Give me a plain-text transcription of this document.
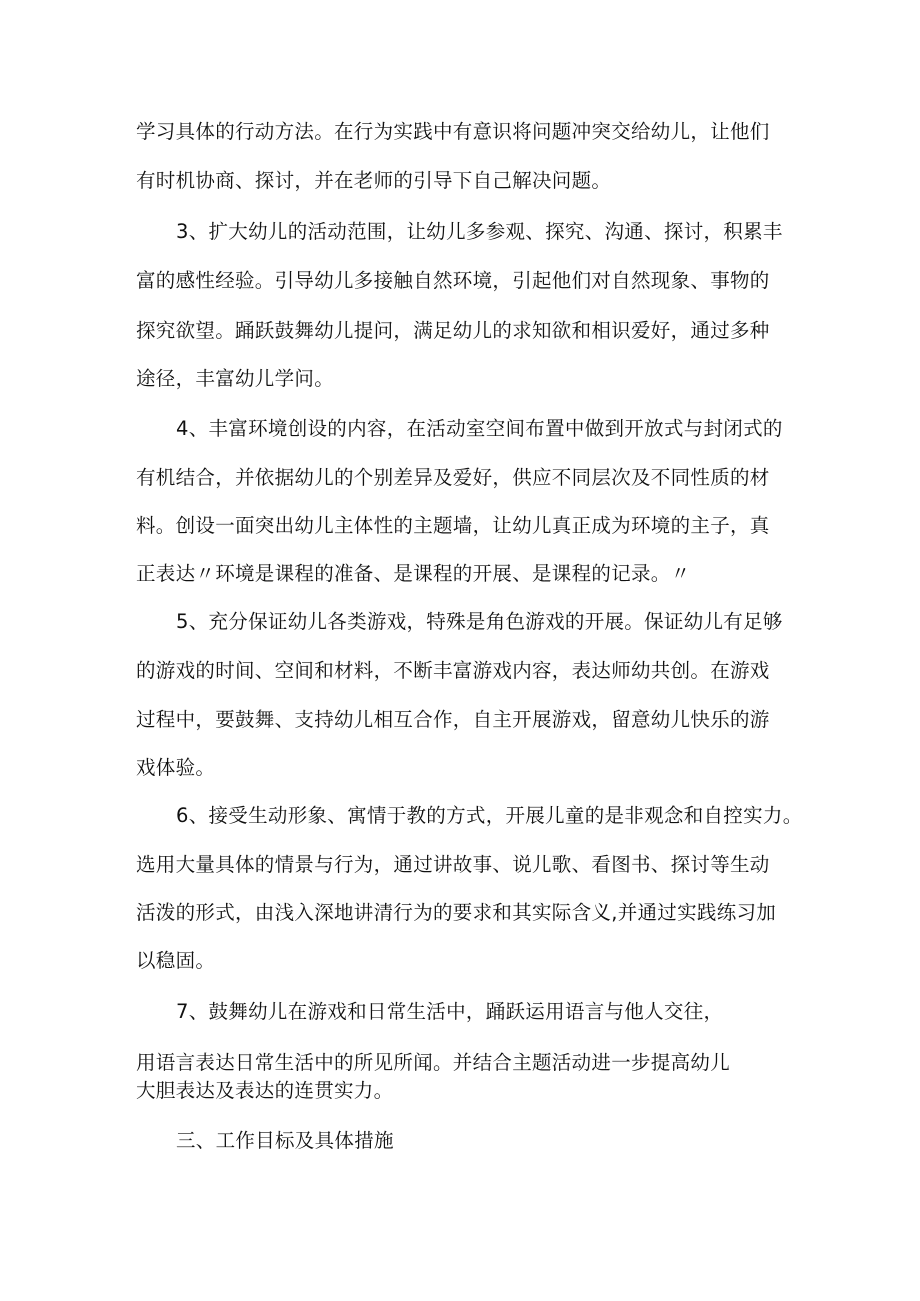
学习具体的行动方法。在行为实践中有意识将问题冲突交给幼儿，让他们
有时机协商、探讨，并在老师的引导下自己解决问题。
3、扩大幼儿的活动范围，让幼儿多参观、探究、沟通、探讨，积累丰
富的感性经验。引导幼儿多接触自然环境，引起他们对自然现象、事物的
探究欲望。踊跃鼓舞幼儿提问，满足幼儿的求知欲和相识爱好，通过多种
途径，丰富幼儿学问。
4、丰富环境创设的内容，在活动室空间布置中做到开放式与封闭式的
有机结合，并依据幼儿的个别差异及爱好，供应不同层次及不同性质的材
料。创设一面突出幼儿主体性的主题墙，让幼儿真正成为环境的主子，真
正表达〃环境是课程的准备、是课程的开展、是课程的记录。〃
5、充分保证幼儿各类游戏，特殊是角色游戏的开展。保证幼儿有足够
的游戏的时间、空间和材料，不断丰富游戏内容，表达师幼共创。在游戏
过程中，要鼓舞、支持幼儿相互合作，自主开展游戏，留意幼儿快乐的游
戏体验。
6、接受生动形象、寓情于教的方式，开展儿童的是非观念和自控实力。
选用大量具体的情景与行为，通过讲故事、说儿歌、看图书、探讨等生动
活泼的形式，由浅入深地讲清行为的要求和其实际含义,并通过实践练习加
以稳固。
7、鼓舞幼儿在游戏和日常生活中，踊跃运用语言与他人交往，
用语言表达日常生活中的所见所闻。并结合主题活动进一步提高幼儿
大胆表达及表达的连贯实力。
三、工作目标及具体措施
